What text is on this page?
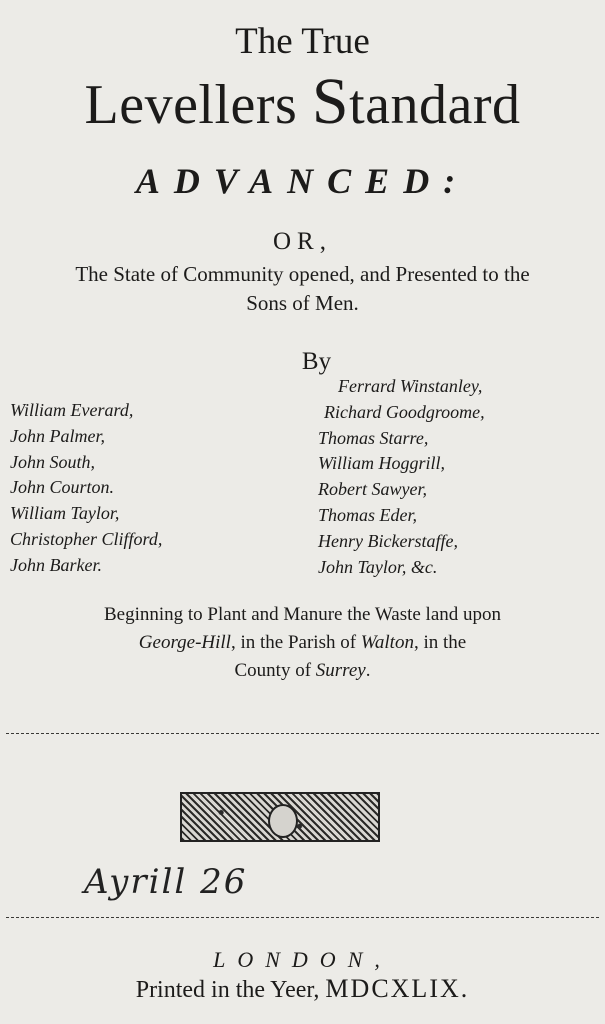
The True
Levellers Standard
ADVANCED:
OR,
The State of Community opened, and Presented to the
Sons of Men.
By
William Everard,
John Palmer,
John South,
John Courton.
William Taylor,
Christopher Clifford,
John Barker.
Ferrard Winstanley,
Richard Goodgroome,
Thomas Starre,
William Hoggrill,
Robert Sawyer,
Thomas Eder,
Henry Bickerstaffe,
John Taylor, &c.
Beginning to Plant and Manure the Waste land upon
George-Hill, in the Parish of Walton, in the
County of Surrey.
Ayrill 26
LONDON,
Printed in the Yeer, MDCXLIX.
